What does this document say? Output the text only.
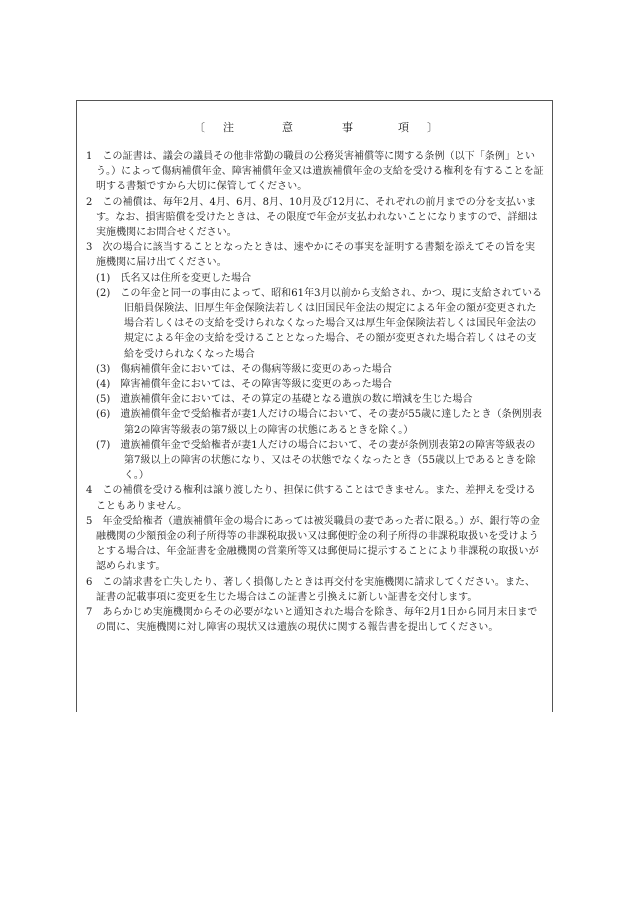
〔 注	意	事	項 〕

1　 この証書は、議会の議員その他非常勤の職員の公務災害補償等に関する条例（以下「条例」という。）によって傷病補償年金、障害補償年金又は遺族補償年金の支給を受ける権利を有することを証明する書類ですから大切に保管してください。

2　 この補償は、毎年2月、4月、6月、8月、10月及び12月に、それぞれの前月までの分を支払います。なお、損害賠償を受けたときは、その限度で年金が支払われないことになりますので、詳細は実施機関にお問合せください。

3　 次の場合に該当することとなったときは、速やかにその事実を証明する書類を添えてその旨を実施機関に届け出てください。

(1)　 氏名又は住所を変更した場合

(2)　 この年金と同一の事由によって、昭和61年3月以前から支給され、かつ、現に支給されている旧船員保険法、旧厚生年金保険法若しくは旧国民年金法の規定による年金の額が変更された場合若しくはその支給を受けられなくなった場合又は厚生年金保険法若しくは国民年金法の規定による年金の支給を受けることとなった場合、その額が変更された場合若しくはその支給を受けられなくなった場合

(3)　 傷病補償年金においては、その傷病等級に変更のあった場合

(4)　 障害補償年金においては、その障害等級に変更のあった場合

(5)　 遺族補償年金においては、その算定の基礎となる遺族の数に増減を生じた場合

(6)　 遺族補償年金で受給権者が妻1人だけの場合において、その妻が55歳に達したとき（条例別表第2の障害等級表の第7級以上の障害の状態にあるときを除く。）

(7)　 遺族補償年金で受給権者が妻1人だけの場合において、その妻が条例別表第2の障害等級表の第7級以上の障害の状態になり、又はその状態でなくなったとき（55歳以上であるときを除く。）

4　 この補償を受ける権利は譲り渡したり、担保に供することはできません。また、差押えを受けることもありません。

5　 年金受給権者（遺族補償年金の場合にあっては被災職員の妻であった者に限る。）が、銀行等の金融機関の少額預金の利子所得等の非課税取扱い又は郵便貯金の利子所得の非課税取扱いを受けようとする場合は、年金証書を金融機関の営業所等又は郵便局に提示することにより非課税の取扱いが認められます。

6　 この請求書を亡失したり、著しく損傷したときは再交付を実施機関に請求してください。また、証書の記載事項に変更を生じた場合はこの証書と引換えに新しい証書を交付します。

7　 あらかじめ実施機関からその必要がないと通知された場合を除き、毎年2月1日から同月末日までの間に、実施機関に対し障害の現状又は遺族の現伏に関する報告書を提出してください。
